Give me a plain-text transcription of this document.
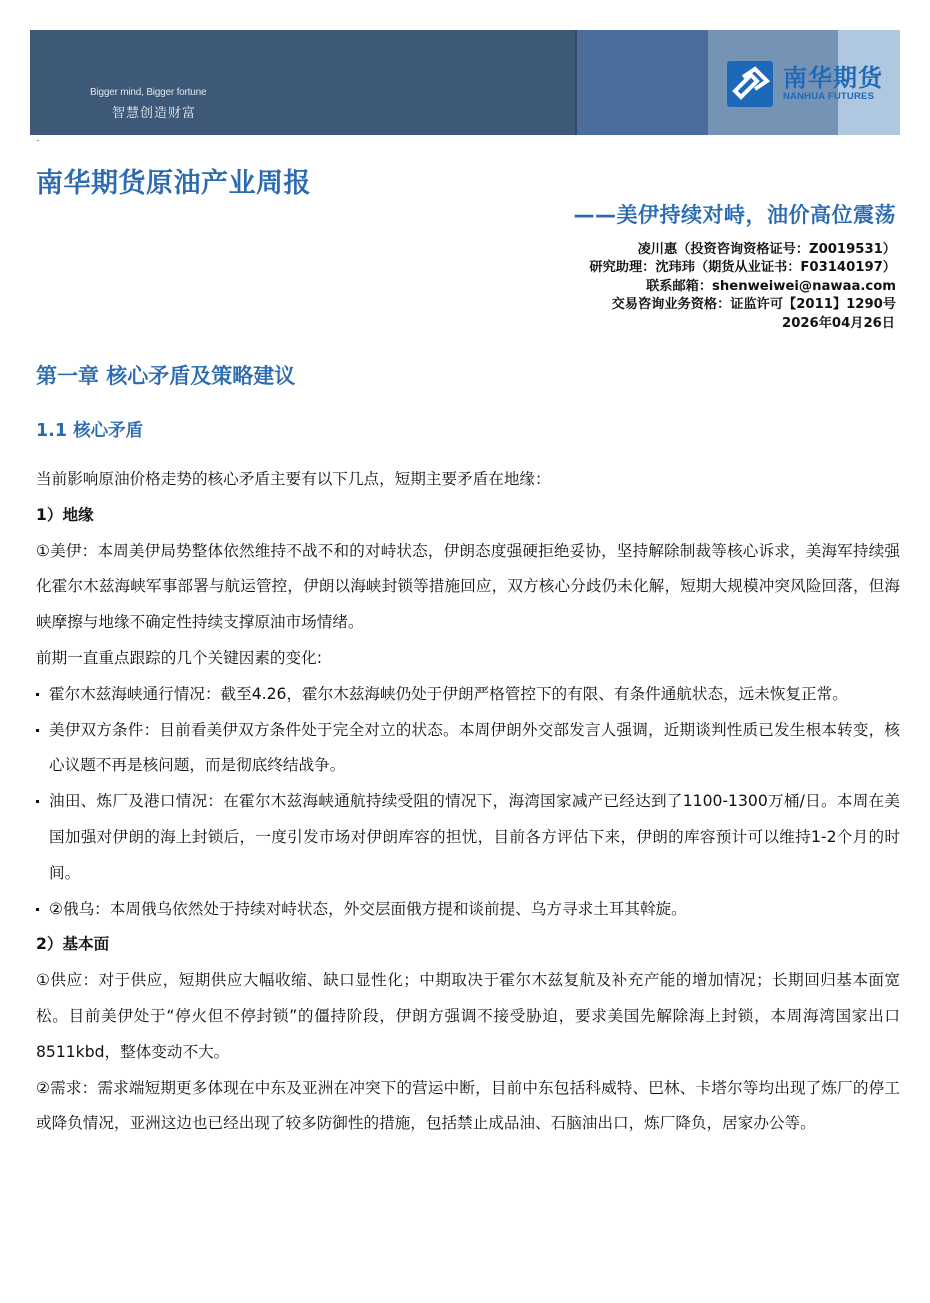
Bigger mind, Bigger fortune
智慧创造财富
南华期货
NANHUA FUTURES
南华期货原油产业周报
——美伊持续对峙，油价高位震荡
凌川惠（投资咨询资格证号：Z0019531）
研究助理：沈玮玮（期货从业证书：F03140197）
联系邮箱：shenweiwei@nawaa.com
交易咨询业务资格：证监许可【2011】1290号
2026年04月26日
第一章 核心矛盾及策略建议
1.1 核心矛盾

当前影响原油价格走势的核心矛盾主要有以下几点，短期主要矛盾在地缘：

1）地缘

①美伊：本周美伊局势整体依然维持不战不和的对峙状态，伊朗态度强硬拒绝妥协，坚持解除制裁等核心诉求，美海军持续强化霍尔木兹海峡军事部署与航运管控，伊朗以海峡封锁等措施回应，双方核心分歧仍未化解，短期大规模冲突风险回落，但海峡摩擦与地缘不确定性持续支撑原油市场情绪。

前期一直重点跟踪的几个关键因素的变化:

霍尔木兹海峡通行情况：截至4.26，霍尔木兹海峡仍处于伊朗严格管控下的有限、有条件通航状态，远未恢复正常。
美伊双方条件：目前看美伊双方条件处于完全对立的状态。本周伊朗外交部发言人强调，近期谈判性质已发生根本转变，核心议题不再是核问题，而是彻底终结战争。
油田、炼厂及港口情况：在霍尔木兹海峡通航持续受阻的情况下，海湾国家减产已经达到了1100-1300万桶/日。本周在美国加强对伊朗的海上封锁后，一度引发市场对伊朗库容的担忧，目前各方评估下来，伊朗的库容预计可以维持1-2个月的时间。
②俄乌：本周俄乌依然处于持续对峙状态，外交层面俄方提和谈前提、乌方寻求土耳其斡旋。

2）基本面

①供应：对于供应，短期供应大幅收缩、缺口显性化；中期取决于霍尔木兹复航及补充产能的增加情况；长期回归基本面宽松。目前美伊处于“停火但不停封锁”的僵持阶段，伊朗方强调不接受胁迫，要求美国先解除海上封锁，本周海湾国家出口8511kbd，整体变动不大。

②需求：需求端短期更多体现在中东及亚洲在冲突下的营运中断，目前中东包括科威特、巴林、卡塔尔等均出现了炼厂的停工或降负情况，亚洲这边也已经出现了较多防御性的措施，包括禁止成品油、石脑油出口，炼厂降负，居家办公等。
